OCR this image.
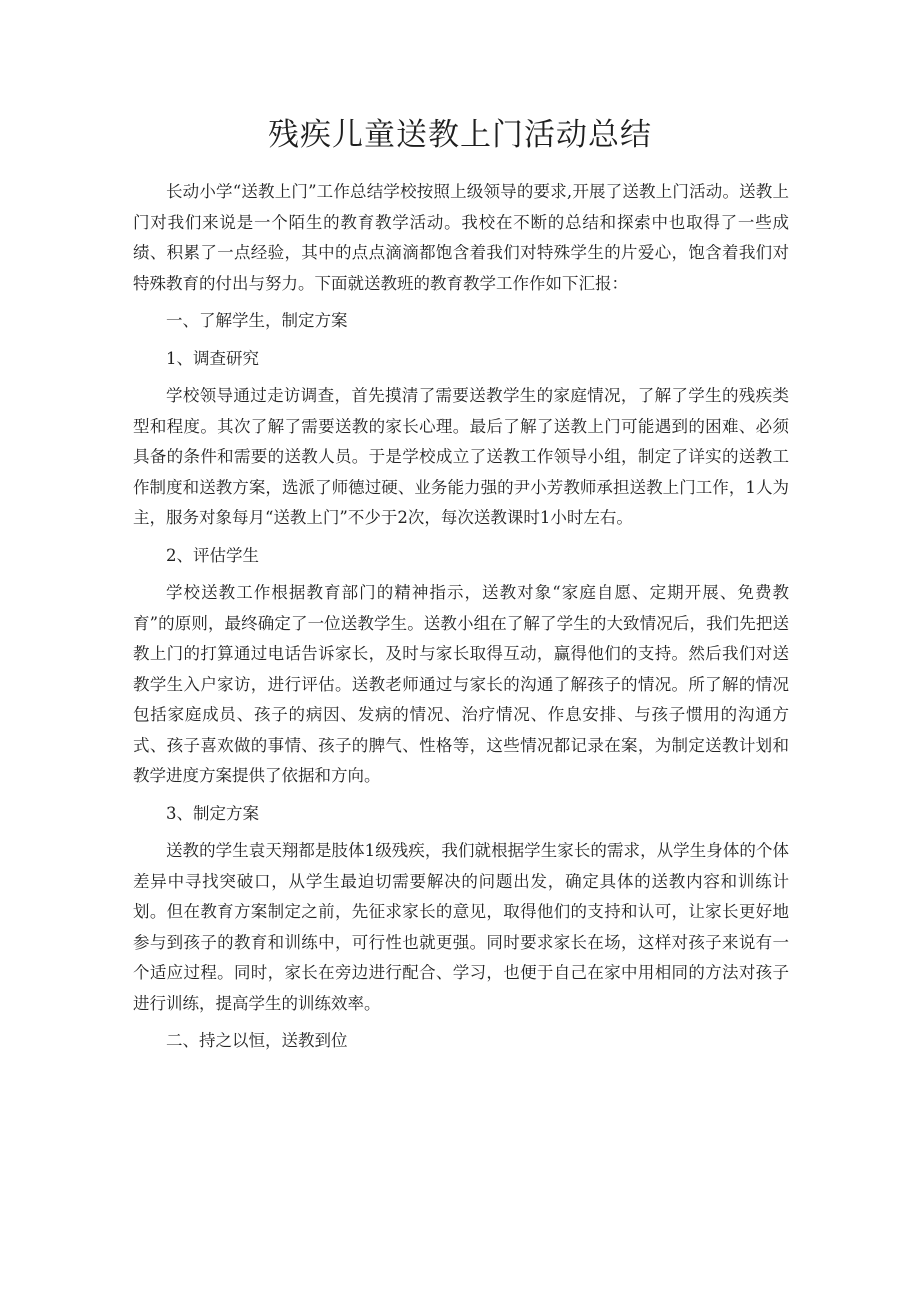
残疾儿童送教上门活动总结

长动小学“送教上门”工作总结学校按照上级领导的要求,开展了送教上门活动。送教上门对我们来说是一个陌生的教育教学活动。我校在不断的总结和探索中也取得了一些成绩、积累了一点经验，其中的点点滴滴都饱含着我们对特殊学生的片爱心，饱含着我们对特殊教育的付出与努力。下面就送教班的教育教学工作作如下汇报：

一、了解学生，制定方案

1、调查研究

学校领导通过走访调查，首先摸清了需要送教学生的家庭情况，了解了学生的残疾类型和程度。其次了解了需要送教的家长心理。最后了解了送教上门可能遇到的困难、必须具备的条件和需要的送教人员。于是学校成立了送教工作领导小组，制定了详实的送教工作制度和送教方案，选派了师德过硬、业务能力强的尹小芳教师承担送教上门工作，1人为主，服务对象每月“送教上门”不少于2次，每次送教课时1小时左右。

2、评估学生

学校送教工作根据教育部门的精神指示，送教对象“家庭自愿、定期开展、免费教育”的原则，最终确定了一位送教学生。送教小组在了解了学生的大致情况后，我们先把送教上门的打算通过电话告诉家长，及时与家长取得互动，赢得他们的支持。然后我们对送教学生入户家访，进行评估。送教老师通过与家长的沟通了解孩子的情况。所了解的情况包括家庭成员、孩子的病因、发病的情况、治疗情况、作息安排、与孩子惯用的沟通方式、孩子喜欢做的事情、孩子的脾气、性格等，这些情况都记录在案，为制定送教计划和教学进度方案提供了依据和方向。

3、制定方案

送教的学生袁天翔都是肢体1级残疾，我们就根据学生家长的需求，从学生身体的个体差异中寻找突破口，从学生最迫切需要解决的问题出发，确定具体的送教内容和训练计划。但在教育方案制定之前，先征求家长的意见，取得他们的支持和认可，让家长更好地参与到孩子的教育和训练中，可行性也就更强。同时要求家长在场，这样对孩子来说有一个适应过程。同时，家长在旁边进行配合、学习，也便于自己在家中用相同的方法对孩子进行训练，提高学生的训练效率。

二、持之以恒，送教到位
